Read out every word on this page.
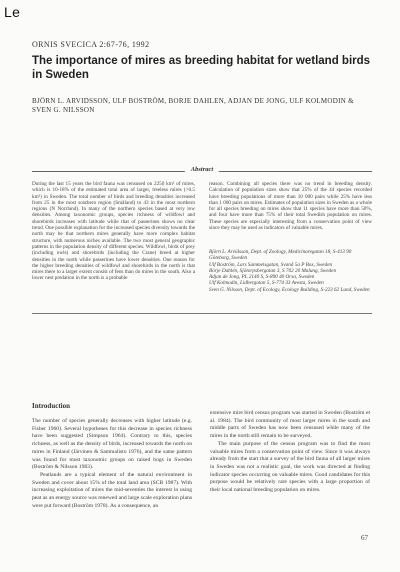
Le
ORNIS SVECICA 2:67-76, 1992
The importance of mires as breeding habitat for wetland birds in Sweden
BJÖRN L. ARVIDSSON, ULF BOSTRÖM, BORJE DAHLEN, ADJAN DE JONG, ULF KOLMODIN & SVEN G. NILSSON
Abstract
During the last 15 years the bird fauna was censused on 2250 km² of mires, which is 10-18% of the estimated total area of larger, treeless mires (>0.5 km²) in Sweden. The total number of birds and breeding densities increased from 25 in the most southern region (Småland) to 43 in the most northern regions (N Norrland). In many of the northern species based at very low densities. Among taxonomic groups, species richness of wildfowl and shorebirds increases with latitude while that of passerines shows no clear trend. One possible explanation for the increased species diversity towards the north may be that northern mires generally have more complex habitat structure, with numerous niches available. The two most general geographic patterns in the population density of different species. Wildfowl, birds of prey (including owls) and shorebirds (including the Crane) breed at higher densities in the north while passerines have lower densities. One reason for the higher breeding densities of wildfowl and shorebirds in the north is that mires there to a larger extent consist of fens than do mires in the south. Also a lower nest predation in the north is a probable
reason. Combining all species there was no trend in breeding density. Calculation of population sizes show that 25% of the 44 species recorded have breeding populations of more than 10 000 pairs while 25% have less than 1 000 pairs on mires. Estimates of population sizes in Sweden as a whole for all species breeding on mires show that 11 species have more than 50%, and four have more than 75% of their total Swedish population on mires. These species are especially interesting from a conservation point of view since they may be used as indicators of valuable mires.
Björn L. Arvidsson, Dept. of Zoology, Medicinaregatan 18, S-413 90 Göteborg, Sweden
Ulf Boström, Lars Sammelsgatan, Svanå 5a P Box, Sweden
Börje Dahlén, Sjötorpsbergatan 3, S 702 20 Malung, Sweden
Adjan de Jong, PL 2140 S, S-890 40 Orsa, Sweden
Ulf Kolmodin, Lidbergatan 5, S-774 33 Avesta, Sweden
Sven G. Nilsson, Dept. of Ecology, Ecology Building, S-223 62 Lund, Sweden
Introduction

The number of species generally decreases with higher latitude (e.g. Fisher 1960). Several hypotheses for this decrease in species richness have been suggested (Simpson 1964). Contrary to this, species richness, as well as the density of birds, increased towards the north on mires in Finland (Järvinen & Sammalisto 1976), and the same pattern was found for most taxonomic groups on raised bogs in Sweden (Boström & Nilsson 1983).

Peatlands are a typical element of the natural environment in Sweden and cover about 15% of the total land area (SCB 1987). With increasing exploitation of mires the mid-seventies the interest in using peat as an energy source was renewed and large scale exploration plans were put forward (Boström 1978). As a consequence, an

extensive mire bird census program was started in Sweden (Boström et al. 1984). The bird community of most larger mires in the south and middle parts of Sweden has now been censused while many of the mires in the north still remain to be surveyed.

The main purpose of the census program was to find the most valuable mires from a conservation point of view. Since it was always already from the start that a survey of the bird fauna of all larger mires in Sweden was not a realistic goal, the work was directed at finding indicator species occurring on valuable mires. Good candidates for this purpose would be relatively rare species with a large proportion of their local national breeding population on mires.

67
